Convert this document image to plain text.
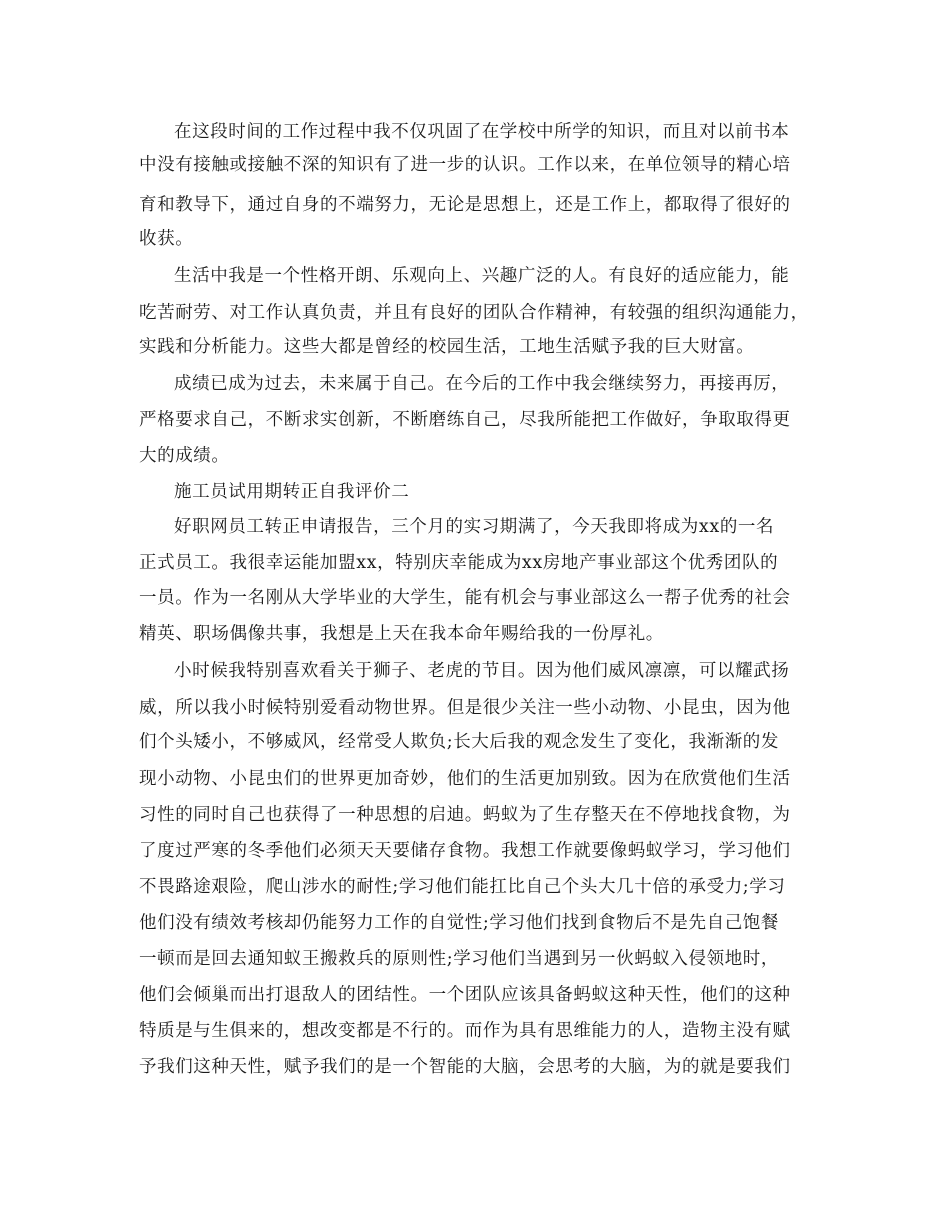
在这段时间的工作过程中我不仅巩固了在学校中所学的知识，而且对以前书本
中没有接触或接触不深的知识有了进一步的认识。工作以来，在单位领导的精心培
育和教导下，通过自身的不端努力，无论是思想上，还是工作上，都取得了很好的
收获。
生活中我是一个性格开朗、乐观向上、兴趣广泛的人。有良好的适应能力，能
吃苦耐劳、对工作认真负责，并且有良好的团队合作精神，有较强的组织沟通能力，
实践和分析能力。这些大都是曾经的校园生活，工地生活赋予我的巨大财富。
成绩已成为过去，未来属于自己。在今后的工作中我会继续努力，再接再厉，
严格要求自己，不断求实创新，不断磨练自己，尽我所能把工作做好，争取取得更
大的成绩。
施工员试用期转正自我评价二
好职网员工转正申请报告，三个月的实习期满了，今天我即将成为xx的一名
正式员工。我很幸运能加盟xx，特别庆幸能成为xx房地产事业部这个优秀团队的
一员。作为一名刚从大学毕业的大学生，能有机会与事业部这么一帮子优秀的社会
精英、职场偶像共事，我想是上天在我本命年赐给我的一份厚礼。
小时候我特别喜欢看关于狮子、老虎的节目。因为他们威风凛凛，可以耀武扬
威，所以我小时候特别爱看动物世界。但是很少关注一些小动物、小昆虫，因为他
们个头矮小，不够威风，经常受人欺负;长大后我的观念发生了变化，我渐渐的发
现小动物、小昆虫们的世界更加奇妙，他们的生活更加别致。因为在欣赏他们生活
习性的同时自己也获得了一种思想的启迪。蚂蚁为了生存整天在不停地找食物，为
了度过严寒的冬季他们必须天天要储存食物。我想工作就要像蚂蚁学习，学习他们
不畏路途艰险，爬山涉水的耐性;学习他们能扛比自己个头大几十倍的承受力;学习
他们没有绩效考核却仍能努力工作的自觉性;学习他们找到食物后不是先自己饱餐
一顿而是回去通知蚁王搬救兵的原则性;学习他们当遇到另一伙蚂蚁入侵领地时，
他们会倾巢而出打退敌人的团结性。一个团队应该具备蚂蚁这种天性，他们的这种
特质是与生俱来的，想改变都是不行的。而作为具有思维能力的人，造物主没有赋
予我们这种天性，赋予我们的是一个智能的大脑，会思考的大脑，为的就是要我们
